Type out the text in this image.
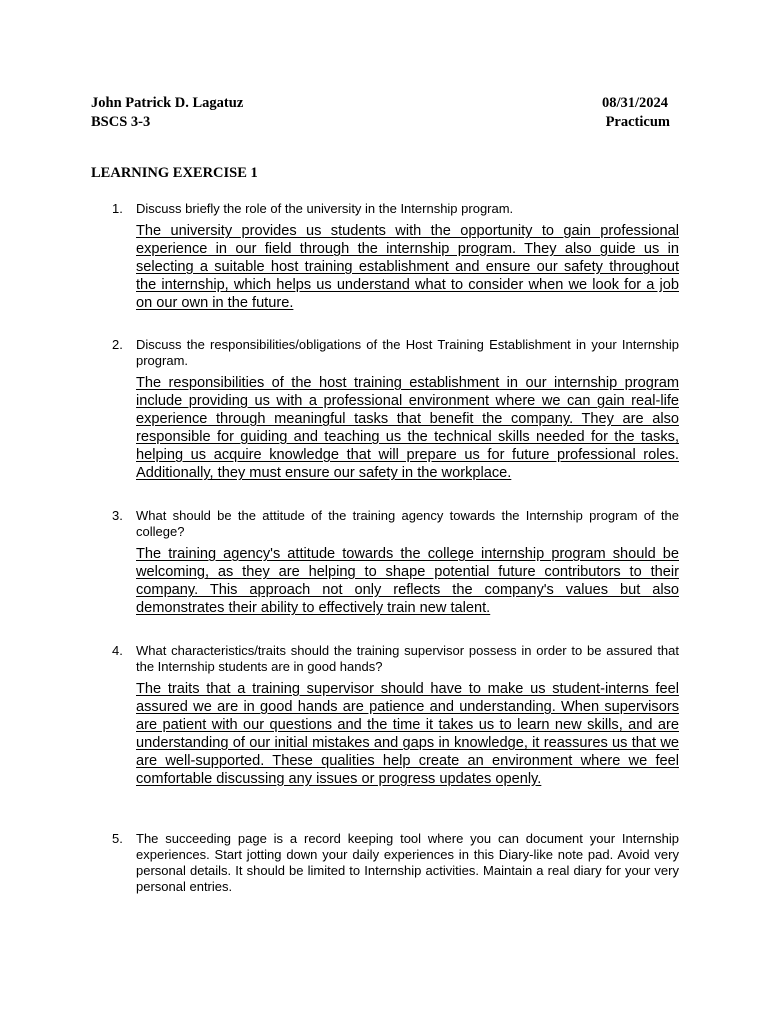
John Patrick D. Lagatuz
BSCS 3-3
08/31/2024
Practicum
LEARNING EXERCISE 1
1. Discuss briefly the role of the university in the Internship program.
The university provides us students with the opportunity to gain professional experience in our field through the internship program. They also guide us in selecting a suitable host training establishment and ensure our safety throughout the internship, which helps us understand what to consider when we look for a job on our own in the future.
2. Discuss the responsibilities/obligations of the Host Training Establishment in your Internship program.
The responsibilities of the host training establishment in our internship program include providing us with a professional environment where we can gain real-life experience through meaningful tasks that benefit the company. They are also responsible for guiding and teaching us the technical skills needed for the tasks, helping us acquire knowledge that will prepare us for future professional roles. Additionally, they must ensure our safety in the workplace.
3. What should be the attitude of the training agency towards the Internship program of the college?
The training agency's attitude towards the college internship program should be welcoming, as they are helping to shape potential future contributors to their company. This approach not only reflects the company's values but also demonstrates their ability to effectively train new talent.
4. What characteristics/traits should the training supervisor possess in order to be assured that the Internship students are in good hands?
The traits that a training supervisor should have to make us student-interns feel assured we are in good hands are patience and understanding. When supervisors are patient with our questions and the time it takes us to learn new skills, and are understanding of our initial mistakes and gaps in knowledge, it reassures us that we are well-supported. These qualities help create an environment where we feel comfortable discussing any issues or progress updates openly.
5. The succeeding page is a record keeping tool where you can document your Internship experiences. Start jotting down your daily experiences in this Diary-like note pad. Avoid very personal details. It should be limited to Internship activities. Maintain a real diary for your very personal entries.
